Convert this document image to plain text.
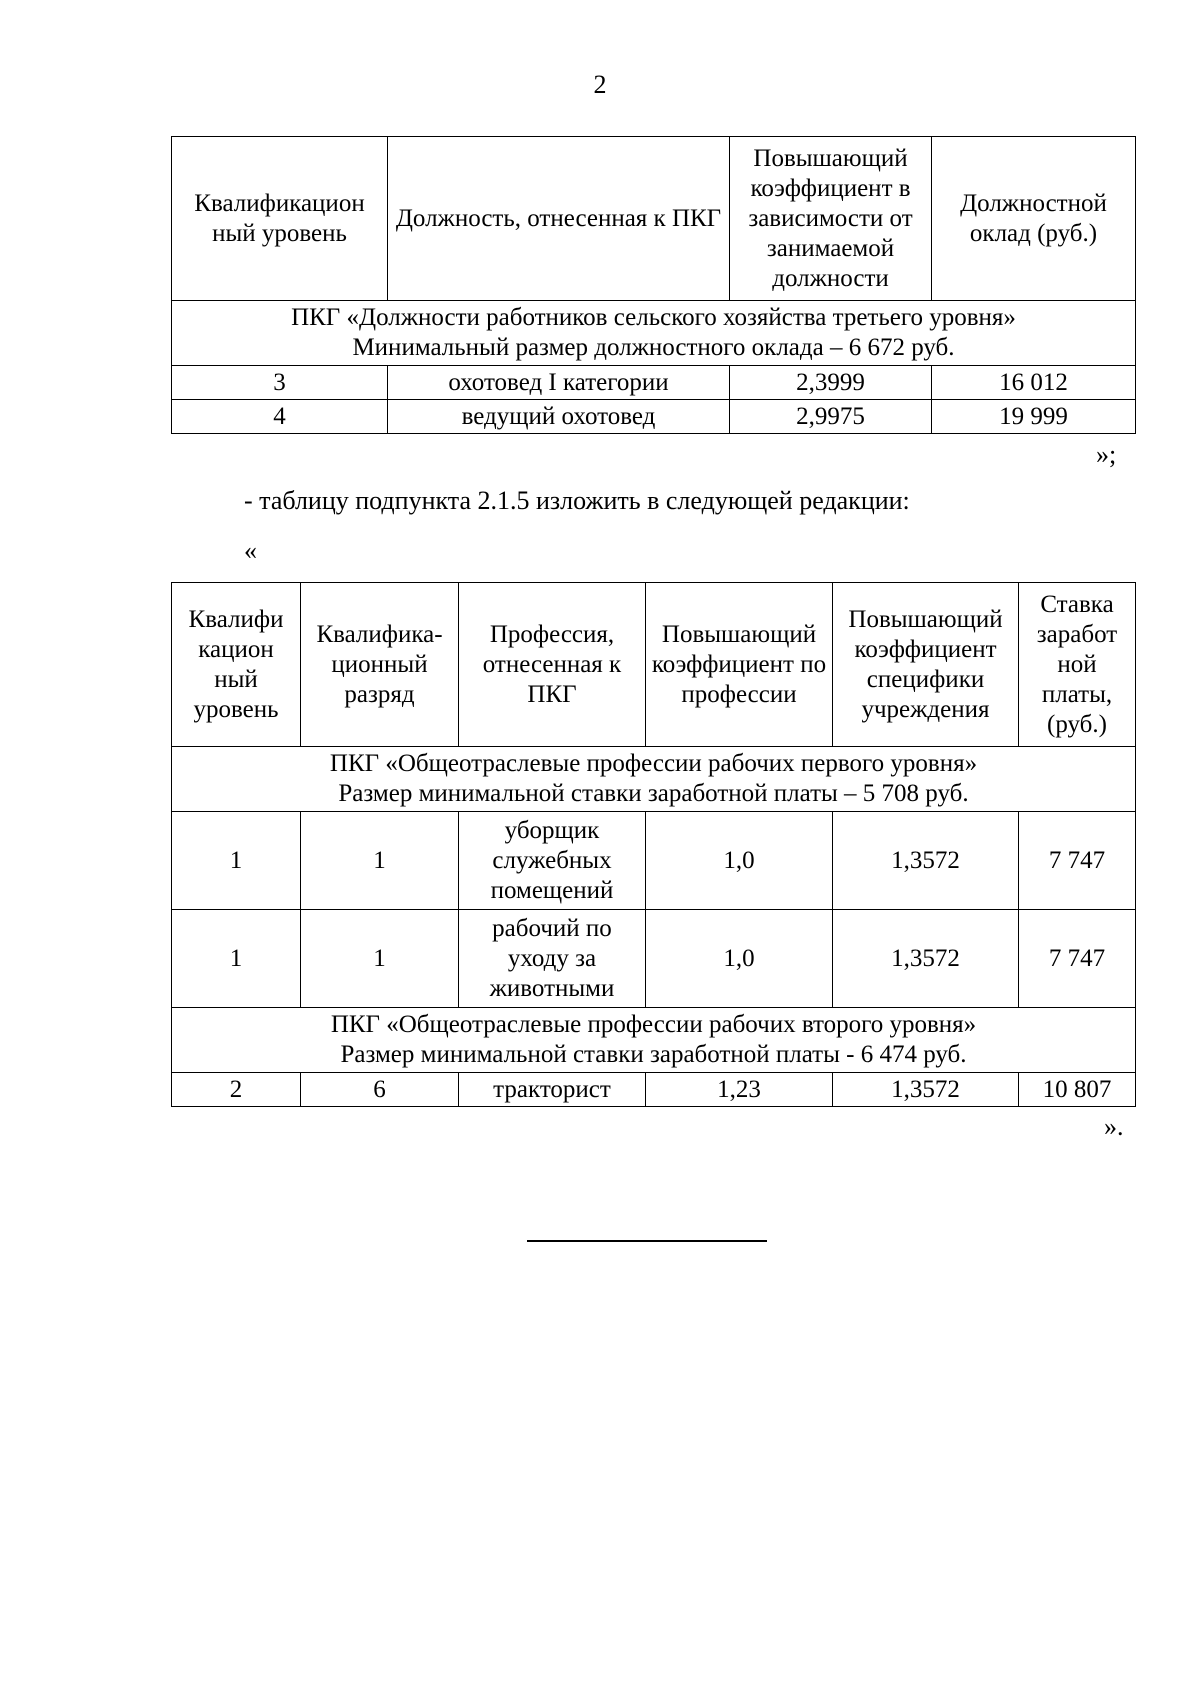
2
Квалификацион ный уровень	Должность, отнесенная к ПКГ	Повышающий коэффициент в зависимости от занимаемой должности	Должностной оклад (руб.)

ПКГ «Должности работников сельского хозяйства третьего уровня»
Минимальный размер должностного оклада – 6 672 руб.			

3	охотовед I категории	2,3999	16 012
4	ведущий охотовед	2,9975	19 999
»;
- таблицу подпункта 2.1.5 изложить в следующей редакции:
«
Квалифи кацион ный уровень	Квалифика- ционный разряд	Профессия, отнесенная к ПКГ	Повышающий коэффициент по профессии	Повышающий коэффициент специфики учреждения	Ставка заработ ной платы, (руб.)

ПКГ «Общеотраслевые профессии рабочих первого уровня»
Размер минимальной ставки заработной платы – 5 708 руб.					

1	1	уборщик служебных помещений	1,0	1,3572	7 747
1	1	рабочий по уходу за животными	1,0	1,3572	7 747

ПКГ «Общеотраслевые профессии рабочих второго уровня»
Размер минимальной ставки заработной платы - 6 474 руб.					

2	6	тракторист	1,23	1,3572	10 807
».
